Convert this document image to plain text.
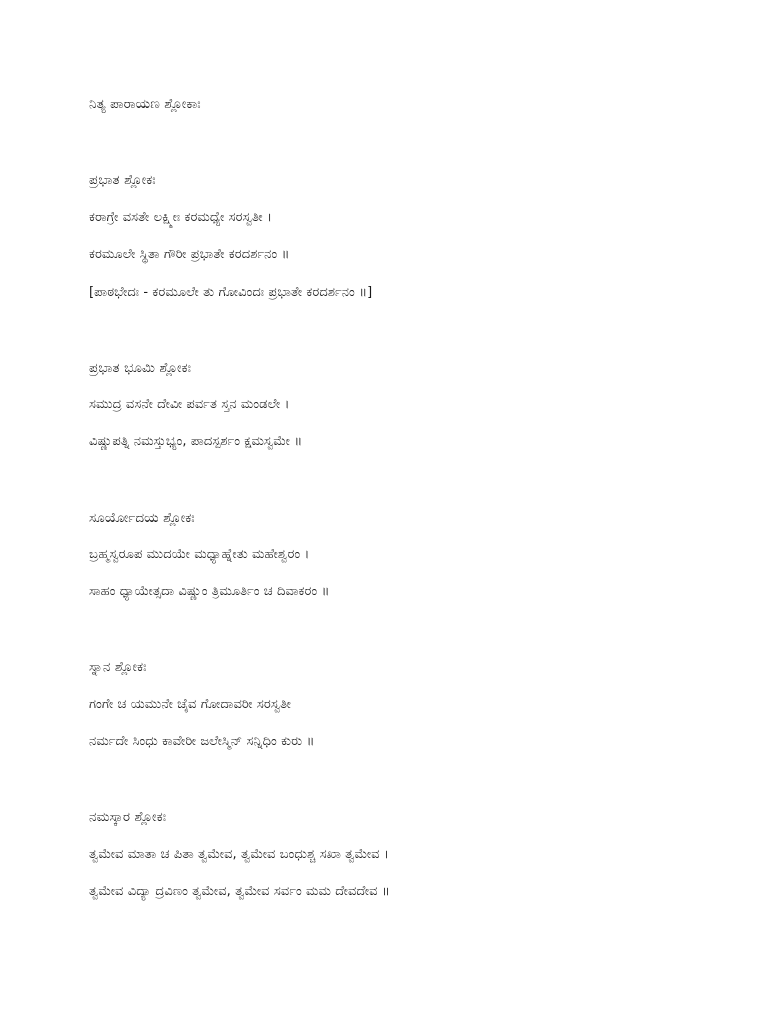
ನಿತ್ಯ ಪಾರಾಯಣ ಶ್ಲೋಕಾಃ
ಪ್ರಭಾತ ಶ್ಲೋಕಃ
ಕರಾಗ್ರೇ ವಸತೇ ಲಕ್ಷ್ಮೀಃ ಕರಮಧ್ಯೇ ಸರಸ್ವತೀ ।
ಕರಮೂಲೇ ಸ್ಥಿತಾ ಗೌರೀ ಪ್ರಭಾತೇ ಕರದರ್ಶನಂ ॥
[ಪಾಠಭೇದಃ - ಕರಮೂಲೇ ತು ಗೋವಿಂದಃ ಪ್ರಭಾತೇ ಕರದರ್ಶನಂ ॥]
ಪ್ರಭಾತ ಭೂಮಿ ಶ್ಲೋಕಃ
ಸಮುದ್ರ ವಸನೇ ದೇವೀ ಪರ್ವತ ಸ್ತನ ಮಂಡಲೇ ।
ವಿಷ್ಣುಪತ್ನಿ ನಮಸ್ತುಭ್ಯಂ, ಪಾದಸ್ಪರ್ಶಂ ಕ್ಷಮಸ್ವಮೇ ॥
ಸೂರ್ಯೋದಯ ಶ್ಲೋಕಃ
ಬ್ರಹ್ಮಸ್ವರೂಪ ಮುದಯೇ ಮಧ್ಯಾಹ್ನೇತು ಮಹೇಶ್ವರಂ ।
ಸಾಹಂ ಧ್ಯಾಯೇತ್ಸದಾ ವಿಷ್ಣುಂ ತ್ರಿಮೂರ್ತಿಂ ಚ ದಿವಾಕರಂ ॥
ಸ್ನಾನ ಶ್ಲೋಕಃ
ಗಂಗೇ ಚ ಯಮುನೇ ಚೈವ ಗೋದಾವರೀ ಸರಸ್ವತೀ
ನರ್ಮದೇ ಸಿಂಧು ಕಾವೇರೀ ಜಲೇಸ್ಮಿನ್ ಸನ್ನಿಧಿಂ ಕುರು ॥
ನಮಸ್ಕಾರ ಶ್ಲೋಕಃ
ತ್ವಮೇವ ಮಾತಾ ಚ ಪಿತಾ ತ್ವಮೇವ, ತ್ವಮೇವ ಬಂಧುಶ್ಚ ಸಖಾ ತ್ವಮೇವ ।
ತ್ವಮೇವ ವಿದ್ಯಾ ದ್ರವಿಣಂ ತ್ವಮೇವ, ತ್ವಮೇವ ಸರ್ವಂ ಮಮ ದೇವದೇವ ॥
